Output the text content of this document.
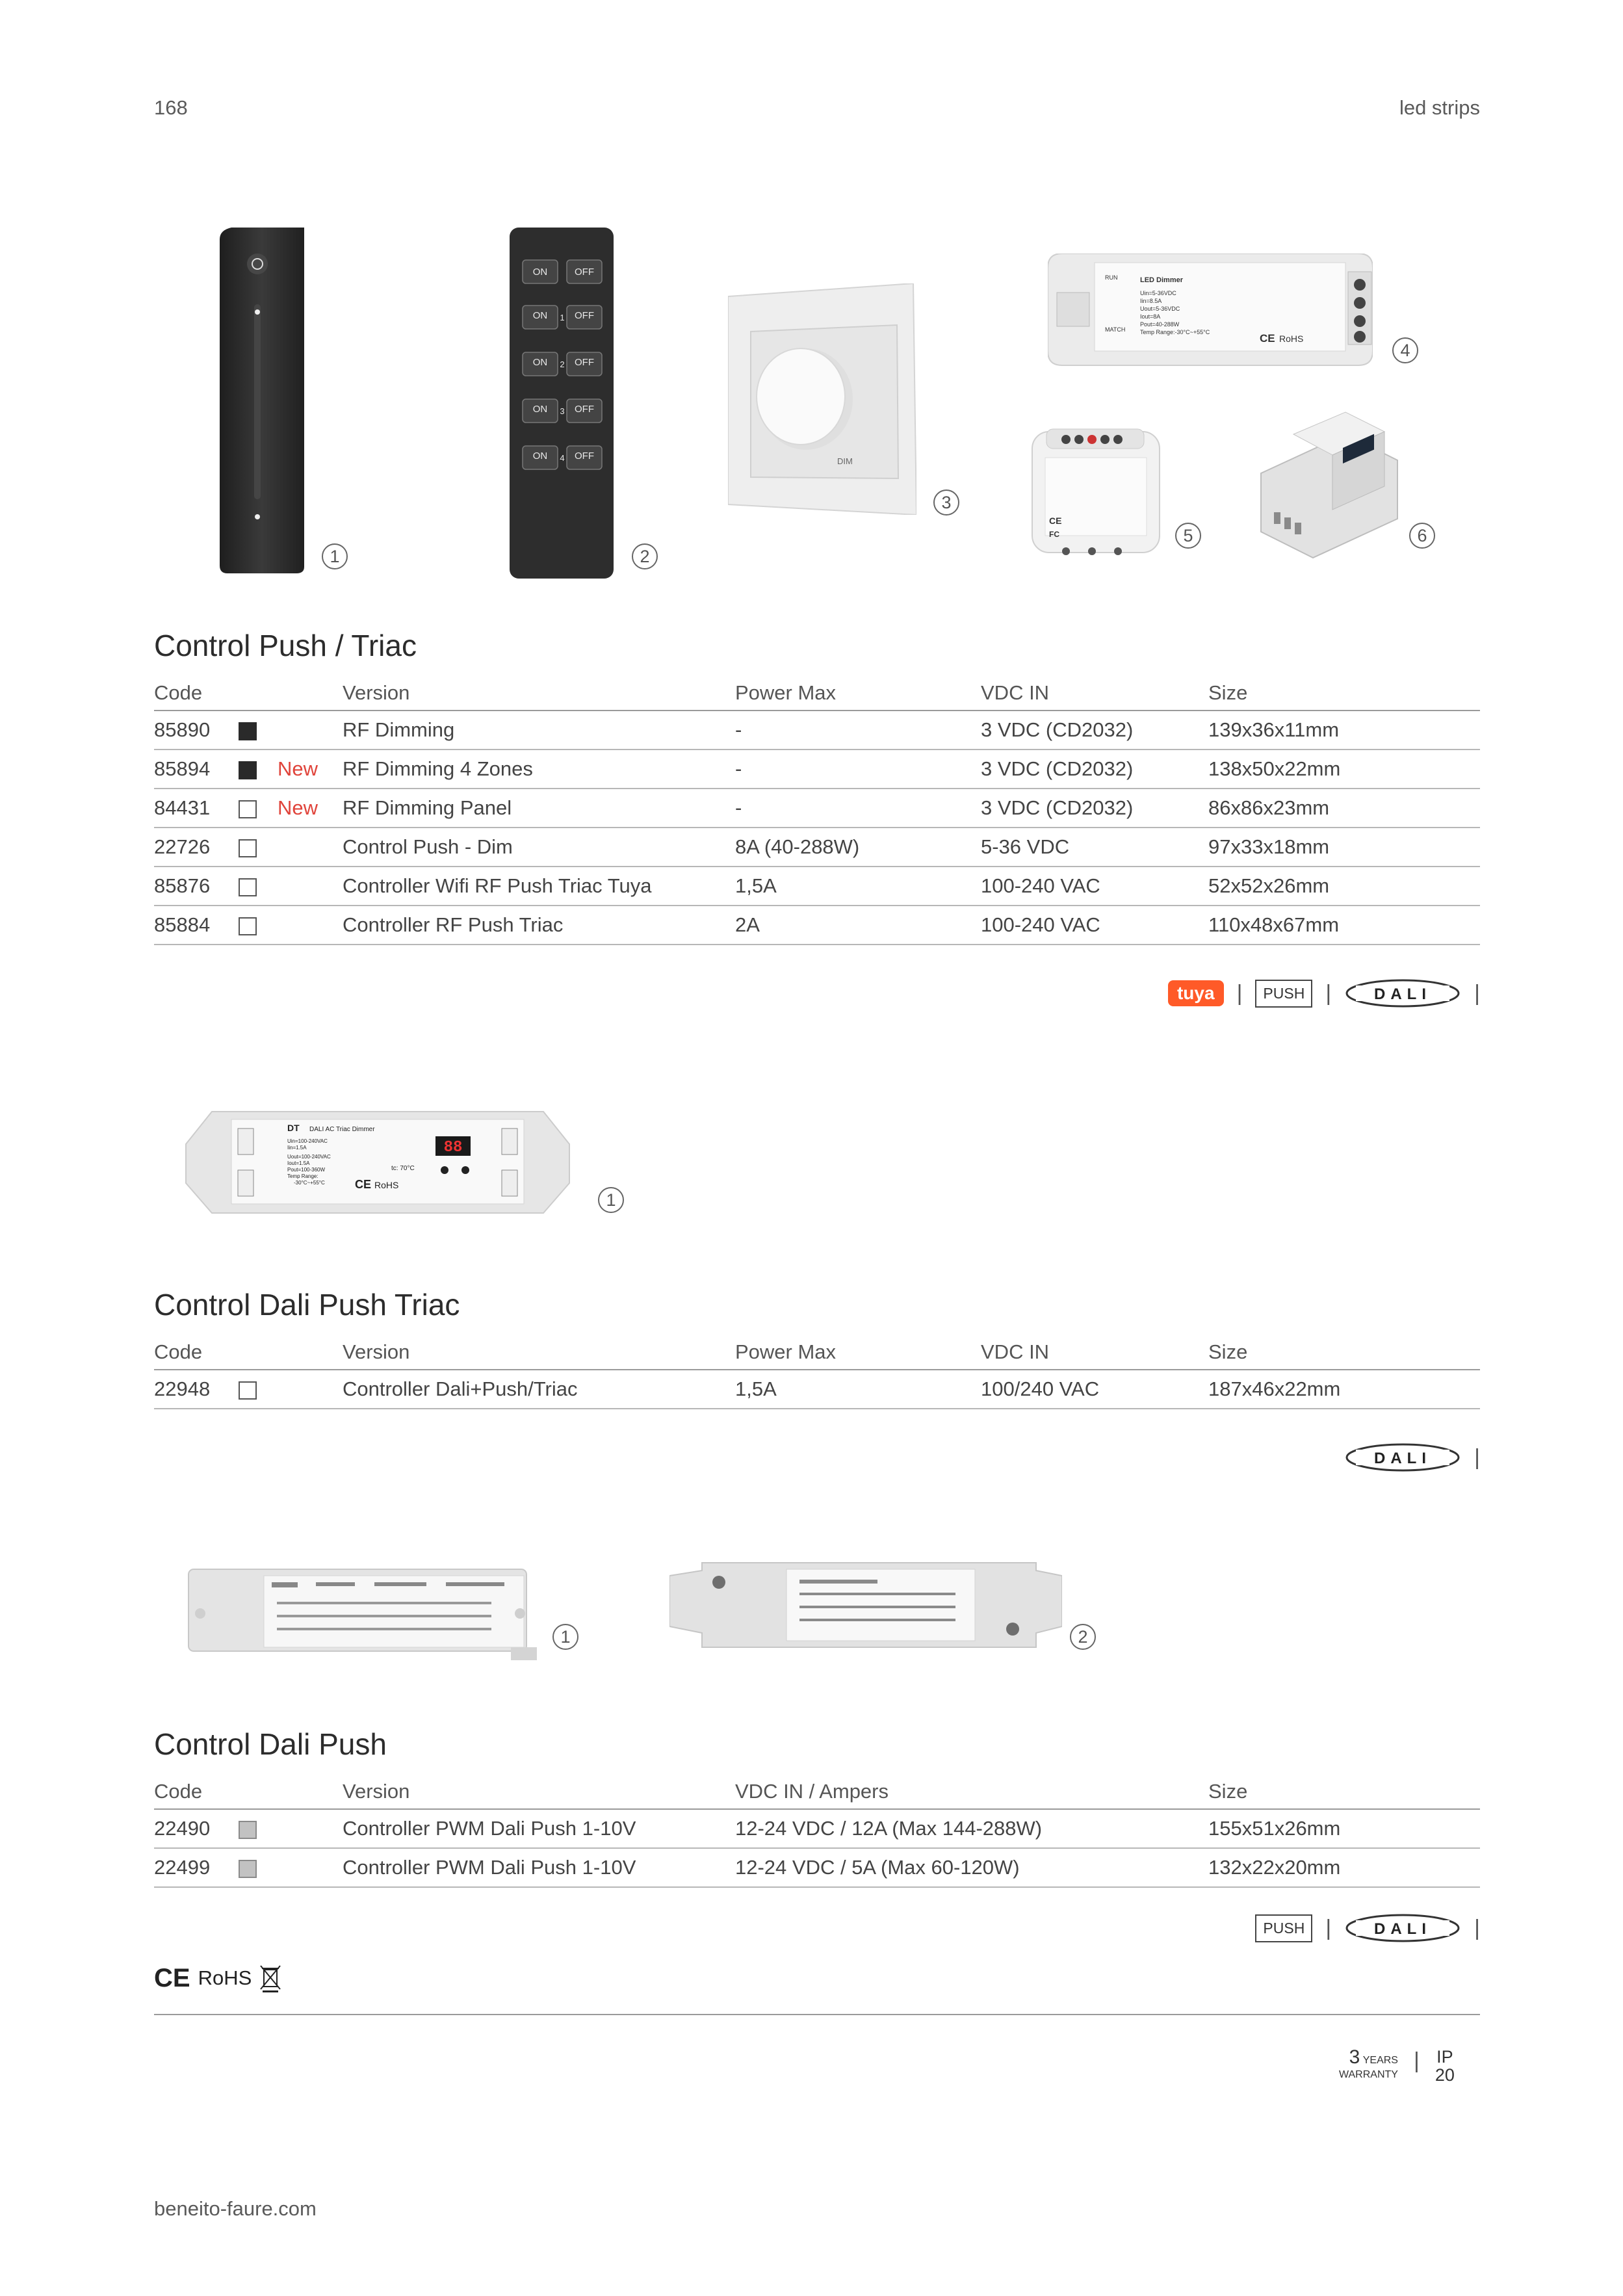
168	led strips
1
ON	OFF
ON	OFF
ON	OFF
ON	OFF
ON	OFF
1
2
3
4
2
DIM
3
LED Dimmer
RUN
MATCH
Uin=5-36VDC Iin=8.5A Uout=5-36VDC Iout=8A Pout=40-288W Temp Range:-30°C~+55°C	CE RoHS
4
CE
FC	5	6
Control Push / Triac
Code			Version	Power Max	VDC IN	Size
85890			RF Dimming	-	3 VDC (CD2032)	139x36x11mm
85894		New	RF Dimming 4 Zones	-	3 VDC (CD2032)	138x50x22mm
84431		New	RF Dimming Panel	-	3 VDC (CD2032)	86x86x23mm
22726			Control Push - Dim	8A (40-288W)	5-36 VDC	97x33x18mm
85876			Controller Wifi RF Push Triac Tuya	1,5A	100-240 VAC	52x52x26mm
85884			Controller RF Push Triac	2A	100-240 VAC	110x48x67mm
tuya	|	PUSH |	DALI |
88
DT DALI AC Triac Dimmer
Uin=100-240VAC Iin=1.5A Uout=100-240VAC Iout=1.5A Pout=100-360W Temp Range: -30°C~+55°C
tc: 70°C
CE RoHS
1
Control Dali Push Triac
Code			Version	Power Max	VDC IN	Size
22948			Controller Dali+Push/Triac	1,5A	100/240 VAC	187x46x22mm
DALI |
1	2
Control Dali Push
Code			Version	VDC IN / Ampers	Size
22490			Controller PWM Dali Push 1-10V	12-24 VDC / 12A (Max 144-288W)	155x51x26mm
22499			Controller PWM Dali Push 1-10V	12-24 VDC / 5A (Max 60-120W)	132x22x20mm
PUSH |	DALI |
CE RoHS
3 YEARS
WARRANTY
| IP
20
beneito-faure.com
